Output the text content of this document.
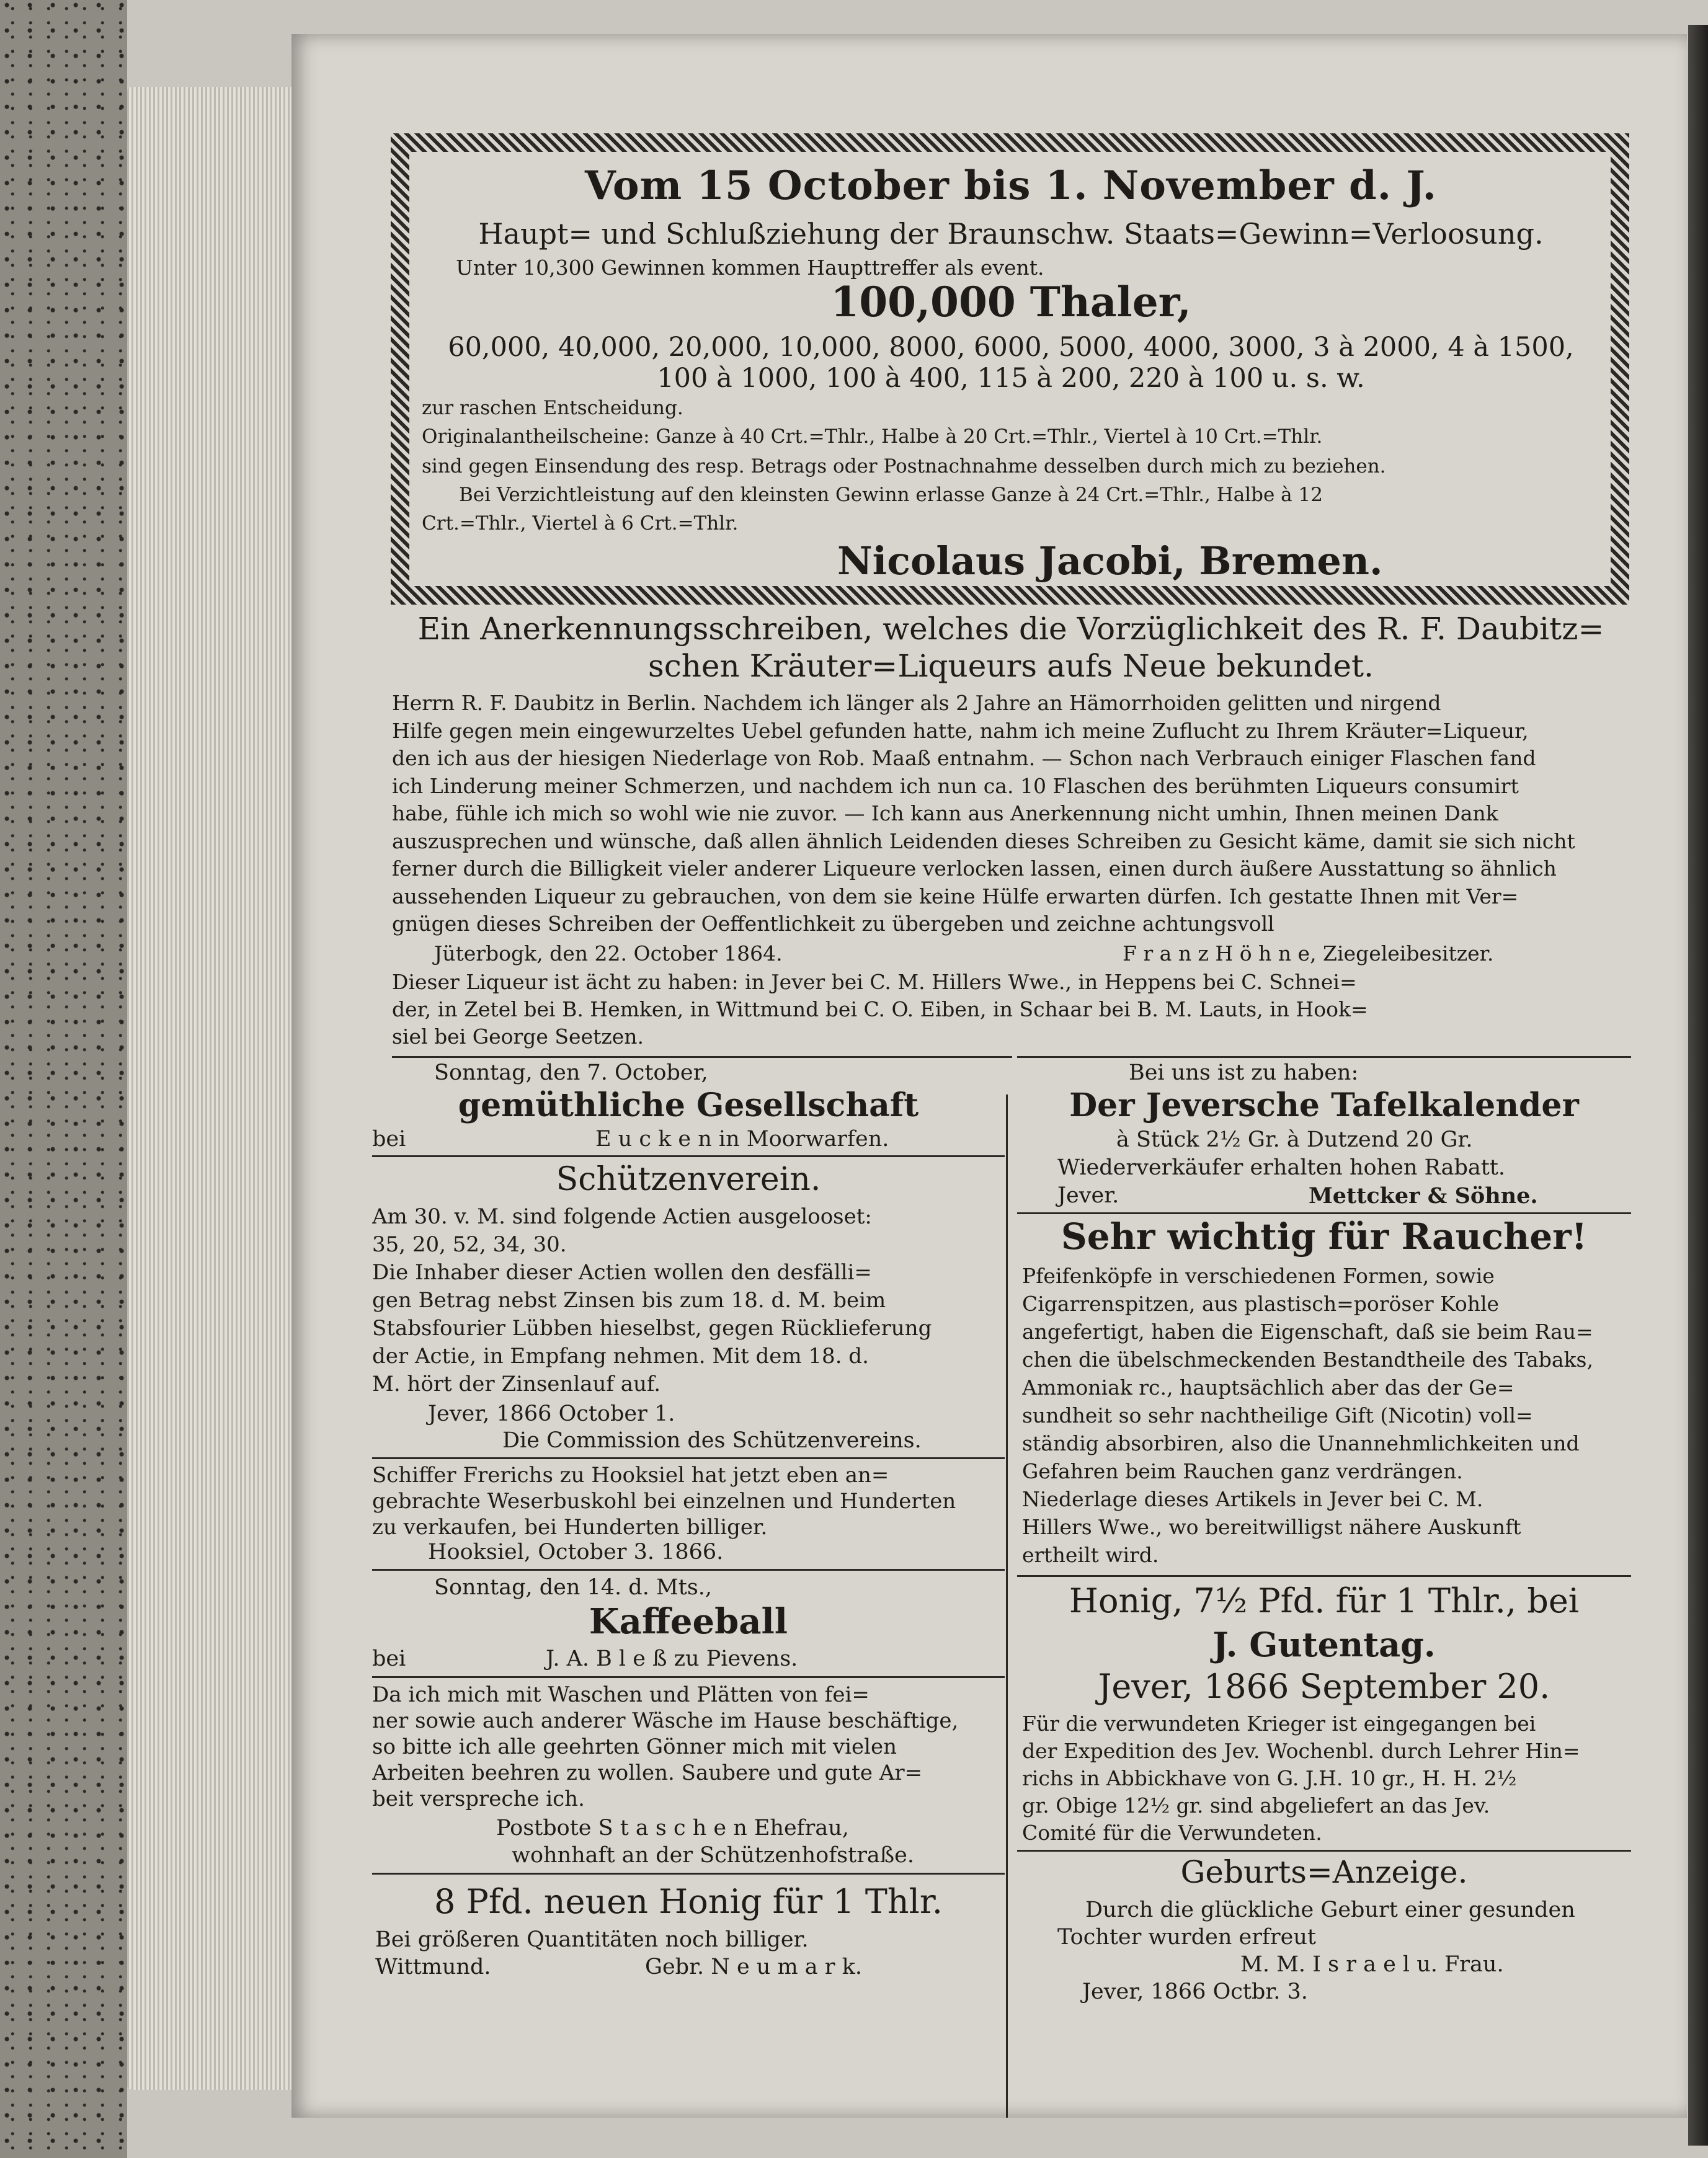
Vom 15 October bis 1. November d. J.
Haupt= und Schlußziehung der Braunschw. Staats=Gewinn=Verloosung.
Unter 10,300 Gewinnen kommen Haupttreffer als event.
100,000 Thaler,
60,000, 40,000, 20,000, 10,000, 8000, 6000, 5000, 4000, 3000, 3 à 2000, 4 à 1500,
100 à 1000, 100 à 400, 115 à 200, 220 à 100 u. s. w.
zur raschen Entscheidung.
Originalantheilscheine: Ganze à 40 Crt.=Thlr., Halbe à 20 Crt.=Thlr., Viertel à 10 Crt.=Thlr.
sind gegen Einsendung des resp. Betrags oder Postnachnahme desselben durch mich zu beziehen.
Bei Verzichtleistung auf den kleinsten Gewinn erlasse Ganze à 24 Crt.=Thlr., Halbe à 12
Crt.=Thlr., Viertel à 6 Crt.=Thlr.
Nicolaus Jacobi, Bremen.
Ein Anerkennungsschreiben, welches die Vorzüglichkeit des R. F. Daubitz=
schen Kräuter=Liqueurs aufs Neue bekundet.
Herrn R. F. Daubitz in Berlin. Nachdem ich länger als 2 Jahre an Hämorrhoiden gelitten und nirgend
Hilfe gegen mein eingewurzeltes Uebel gefunden hatte, nahm ich meine Zuflucht zu Ihrem Kräuter=Liqueur,
den ich aus der hiesigen Niederlage von Rob. Maaß entnahm. — Schon nach Verbrauch einiger Flaschen fand
ich Linderung meiner Schmerzen, und nachdem ich nun ca. 10 Flaschen des berühmten Liqueurs consumirt
habe, fühle ich mich so wohl wie nie zuvor. — Ich kann aus Anerkennung nicht umhin, Ihnen meinen Dank
auszusprechen und wünsche, daß allen ähnlich Leidenden dieses Schreiben zu Gesicht käme, damit sie sich nicht
ferner durch die Billigkeit vieler anderer Liqueure verlocken lassen, einen durch äußere Ausstattung so ähnlich
aussehenden Liqueur zu gebrauchen, von dem sie keine Hülfe erwarten dürfen. Ich gestatte Ihnen mit Ver=
gnügen dieses Schreiben der Oeffentlichkeit zu übergeben und zeichne achtungsvoll
Jüterbogk, den 22. October 1864.	F r a n z H ö h n e, Ziegeleibesitzer.
Dieser Liqueur ist ächt zu haben: in Jever bei C. M. Hillers Wwe., in Heppens bei C. Schnei=
der, in Zetel bei B. Hemken, in Wittmund bei C. O. Eiben, in Schaar bei B. M. Lauts, in Hook=
siel bei George Seetzen.
Sonntag, den 7. October,
gemüthliche Gesellschaft
bei	E u c k e n in Moorwarfen.
Schützenverein.
Am 30. v. M. sind folgende Actien ausgelooset:
35, 20, 52, 34, 30.
Die Inhaber dieser Actien wollen den desfälli=
gen Betrag nebst Zinsen bis zum 18. d. M. beim
Stabsfourier Lübben hieselbst, gegen Rücklieferung
der Actie, in Empfang nehmen. Mit dem 18. d.
M. hört der Zinsenlauf auf.
Jever, 1866 October 1.
Die Commission des Schützenvereins.
Schiffer Frerichs zu Hooksiel hat jetzt eben an=
gebrachte Weserbuskohl bei einzelnen und Hunderten
zu verkaufen, bei Hunderten billiger.
Hooksiel, October 3. 1866.
Sonntag, den 14. d. Mts.,
Kaffeeball
bei	J. A. B l e ß zu Pievens.
Da ich mich mit Waschen und Plätten von fei=
ner sowie auch anderer Wäsche im Hause beschäftige,
so bitte ich alle geehrten Gönner mich mit vielen
Arbeiten beehren zu wollen. Saubere und gute Ar=
beit verspreche ich.
Postbote S t a s c h e n Ehefrau,
wohnhaft an der Schützenhofstraße.
8 Pfd. neuen Honig für 1 Thlr.
Bei größeren Quantitäten noch billiger.
Wittmund.	Gebr. N e u m a r k.
Bei uns ist zu haben:
Der Jeversche Tafelkalender
à Stück 2½ Gr. à Dutzend 20 Gr.
Wiederverkäufer erhalten hohen Rabatt.
Jever.	Mettcker & Söhne.
Sehr wichtig für Raucher!
Pfeifenköpfe in verschiedenen Formen, sowie
Cigarrenspitzen, aus plastisch=poröser Kohle
angefertigt, haben die Eigenschaft, daß sie beim Rau=
chen die übelschmeckenden Bestandtheile des Tabaks,
Ammoniak rc., hauptsächlich aber das der Ge=
sundheit so sehr nachtheilige Gift (Nicotin) voll=
ständig absorbiren, also die Unannehmlichkeiten und
Gefahren beim Rauchen ganz verdrängen.
Niederlage dieses Artikels in Jever bei C. M.
Hillers Wwe., wo bereitwilligst nähere Auskunft
ertheilt wird.
Honig, 7½ Pfd. für 1 Thlr., bei
J. Gutentag.
Jever, 1866 September 20.
Für die verwundeten Krieger ist eingegangen bei
der Expedition des Jev. Wochenbl. durch Lehrer Hin=
richs in Abbickhave von G. J.H. 10 gr., H. H. 2½
gr. Obige 12½ gr. sind abgeliefert an das Jev.
Comité für die Verwundeten.
Geburts=Anzeige.
Durch die glückliche Geburt einer gesunden
Tochter wurden erfreut
M. M. I s r a e l u. Frau.
Jever, 1866 Octbr. 3.
